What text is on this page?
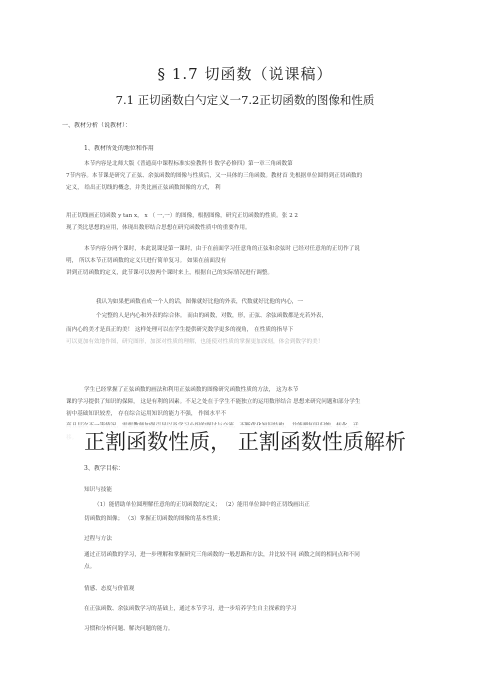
§ 1.7 切函数（说课稿）
7.1 正切函数白勺定义一7.2正切函数的图像和性质
一、教材分析（说教材）：
1、教材所处的地位和作用
本节内容是北师大版《普通高中课程标准实验教科书 数学必修四》第一章三角函数第
7节内容。本节课是研究了正弦、余弦函数的图像与性质后，又一具体的三角函数。教材首 先根据单位圆得到正切函数的
定义， 给出正切线的概念，并类比画正弦函数图像的方式， 利
用正切线画正切函数 y tan x， x （ 一,一）的图像，根据图像，研究正切函数的性质。张 2 2
现了类比思想的应用，体现出数形结合思想在研究函数性质中的重要作用。
本节内容分两个课时，本此说课是第一课时，由于在前面学习任意角的正弦和余弦时 已经对任意角的正切作了说
明， 所以本节正切函数的定义只进行简单复习。 如果在前面没有
讲到正切函数的定义，此节课可以按两个课时来上，根据自己的实际情况进行调整。
我认为如果把函数看成一个人的话，图像就好比他的外表，代数就好比他的内心，一
个完整的人是内心和外表的综合体。 而由的函数，对数，形，正弦、余弦函数都是充若外表，
而内心的美才是真正的美！ 这样处理可以在学生提供研究数学更多的视角， 在性质的指导下
可以更加有效地作图，研究图形，加深对性质的理解，也能使对性质的掌握更加深刻，体会到数学的美！
学生已经掌握了正弦函数的画法和利用正弦函数的图像研究函数性质的方法， 这为本节
课的学习提供了知识的保障， 这是有利的因素。不足之处在于学生不能独立的运用数形结合 思想来研究问题和部分学生
初中基础知识较差， 存在综合运用知识的能力不强， 作图水平不
3、教学目标：
知识与技能
（1）能借助单位圆理解任意角的正切函数的定义； （2）能用单位圆中的正切线画出正
切函数的图像； （3）掌握正切函数的图像的基本性质；
过程与方法
通过正切函数的学习，进一步理解和掌握研究三角函数的一般思路和方法，并比较不同 函数之间的相同点和不同
点。
情感、态度与价值观
在正弦函数、余弦函数学习的基础上，通过本节学习，进一步培养学生自主探索的学习
习惯和分析问题、解决问题的能力。
正割函数性质， 正割函数性质解析
